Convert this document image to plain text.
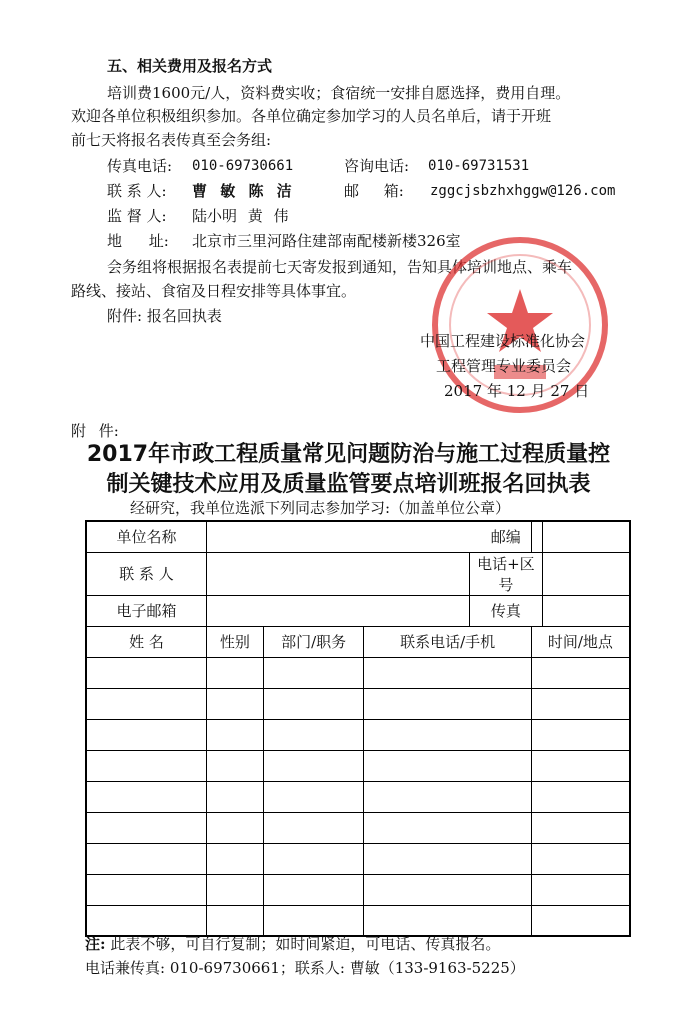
五、相关费用及报名方式
培训费1600元/人，资料费实收；食宿统一安排自愿选择，费用自理。
欢迎各单位积极组织参加。各单位确定参加学习的人员名单后，请于开班
前七天将报名表传真至会务组:
传真电话: 010-69730661	咨询电话: 010-69731531
联 系 人: 曹 敏 陈 洁	邮 箱: zggcjsbzhxhggw@126.com
监 督 人: 陆小明 黄 伟
地 址: 北京市三里河路住建部南配楼新楼326室
会务组将根据报名表提前七天寄发报到通知，告知具体培训地点、乘车
路线、接站、食宿及日程安排等具体事宜。
附件: 报名回执表
中国工程建设标准化协会
工程管理专业委员会
2017 年 12 月 27 日
附 件:
2017年市政工程质量常见问题防治与施工过程质量控
制关键技术应用及质量监管要点培训班报名回执表
经研究，我单位选派下列同志参加学习:（加盖单位公章）
单位名称						邮编
联 系 人				电话+区号		
电子邮箱				传真		
姓 名	性别	部门/职务	联系电话/手机		时间/地点	

注: 此表不够，可自行复制；如时间紧迫，可电话、传真报名。
电话兼传真: 010-69730661；联系人: 曹敏（133-9163-5225）
